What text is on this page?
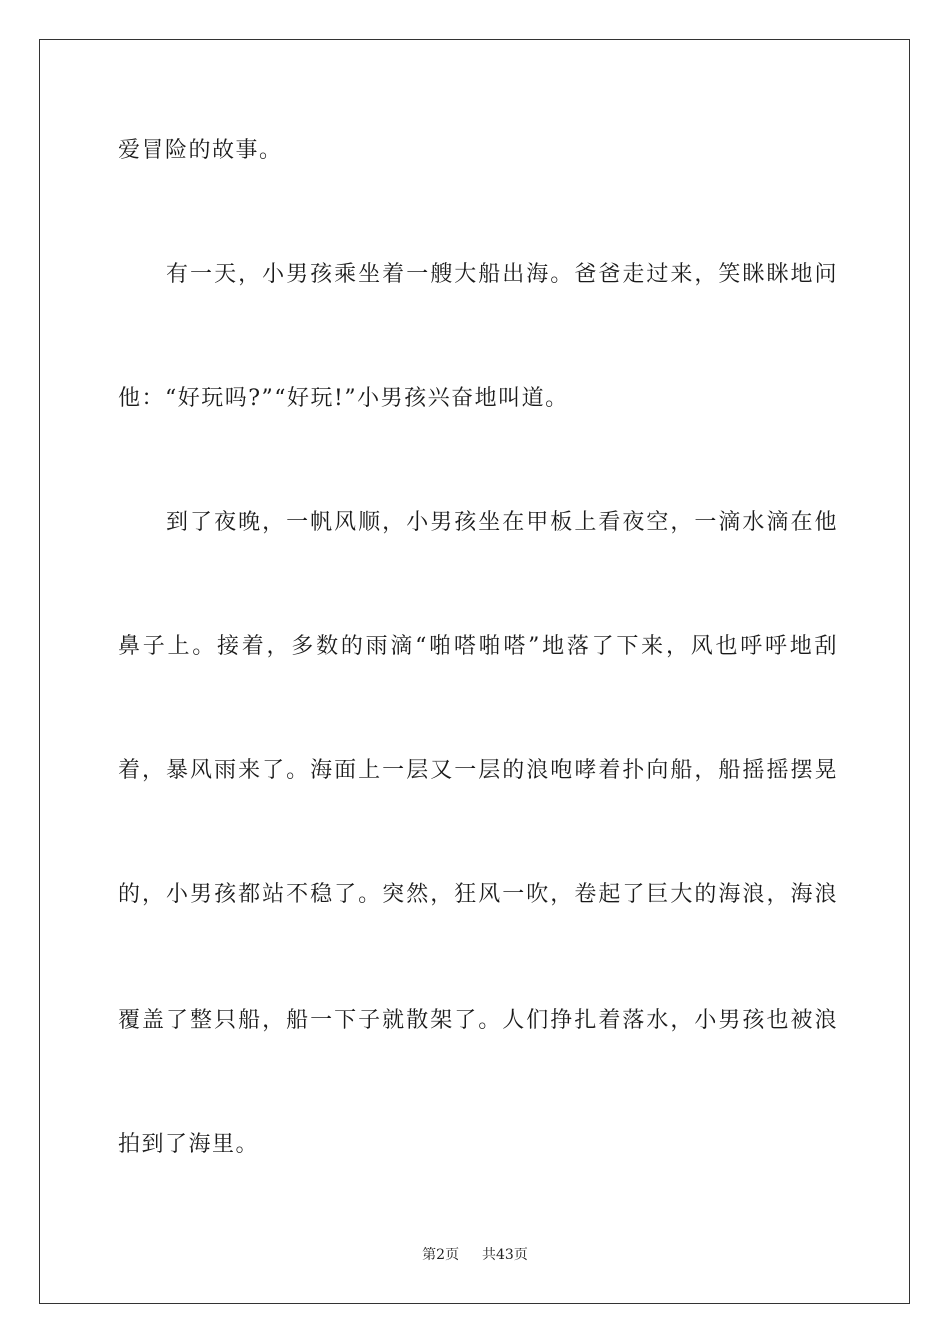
爱冒险的故事。
　　有一天，小男孩乘坐着一艘大船出海。爸爸走过来，笑眯眯地问
他：“好玩吗?”“好玩!”小男孩兴奋地叫道。
　　到了夜晚，一帆风顺，小男孩坐在甲板上看夜空，一滴水滴在他
鼻子上。接着，多数的雨滴“啪嗒啪嗒”地落了下来，风也呼呼地刮
着，暴风雨来了。海面上一层又一层的浪咆哮着扑向船，船摇摇摆晃
的，小男孩都站不稳了。突然，狂风一吹，卷起了巨大的海浪，海浪
覆盖了整只船，船一下子就散架了。人们挣扎着落水，小男孩也被浪
拍到了海里。
第2页 共43页
